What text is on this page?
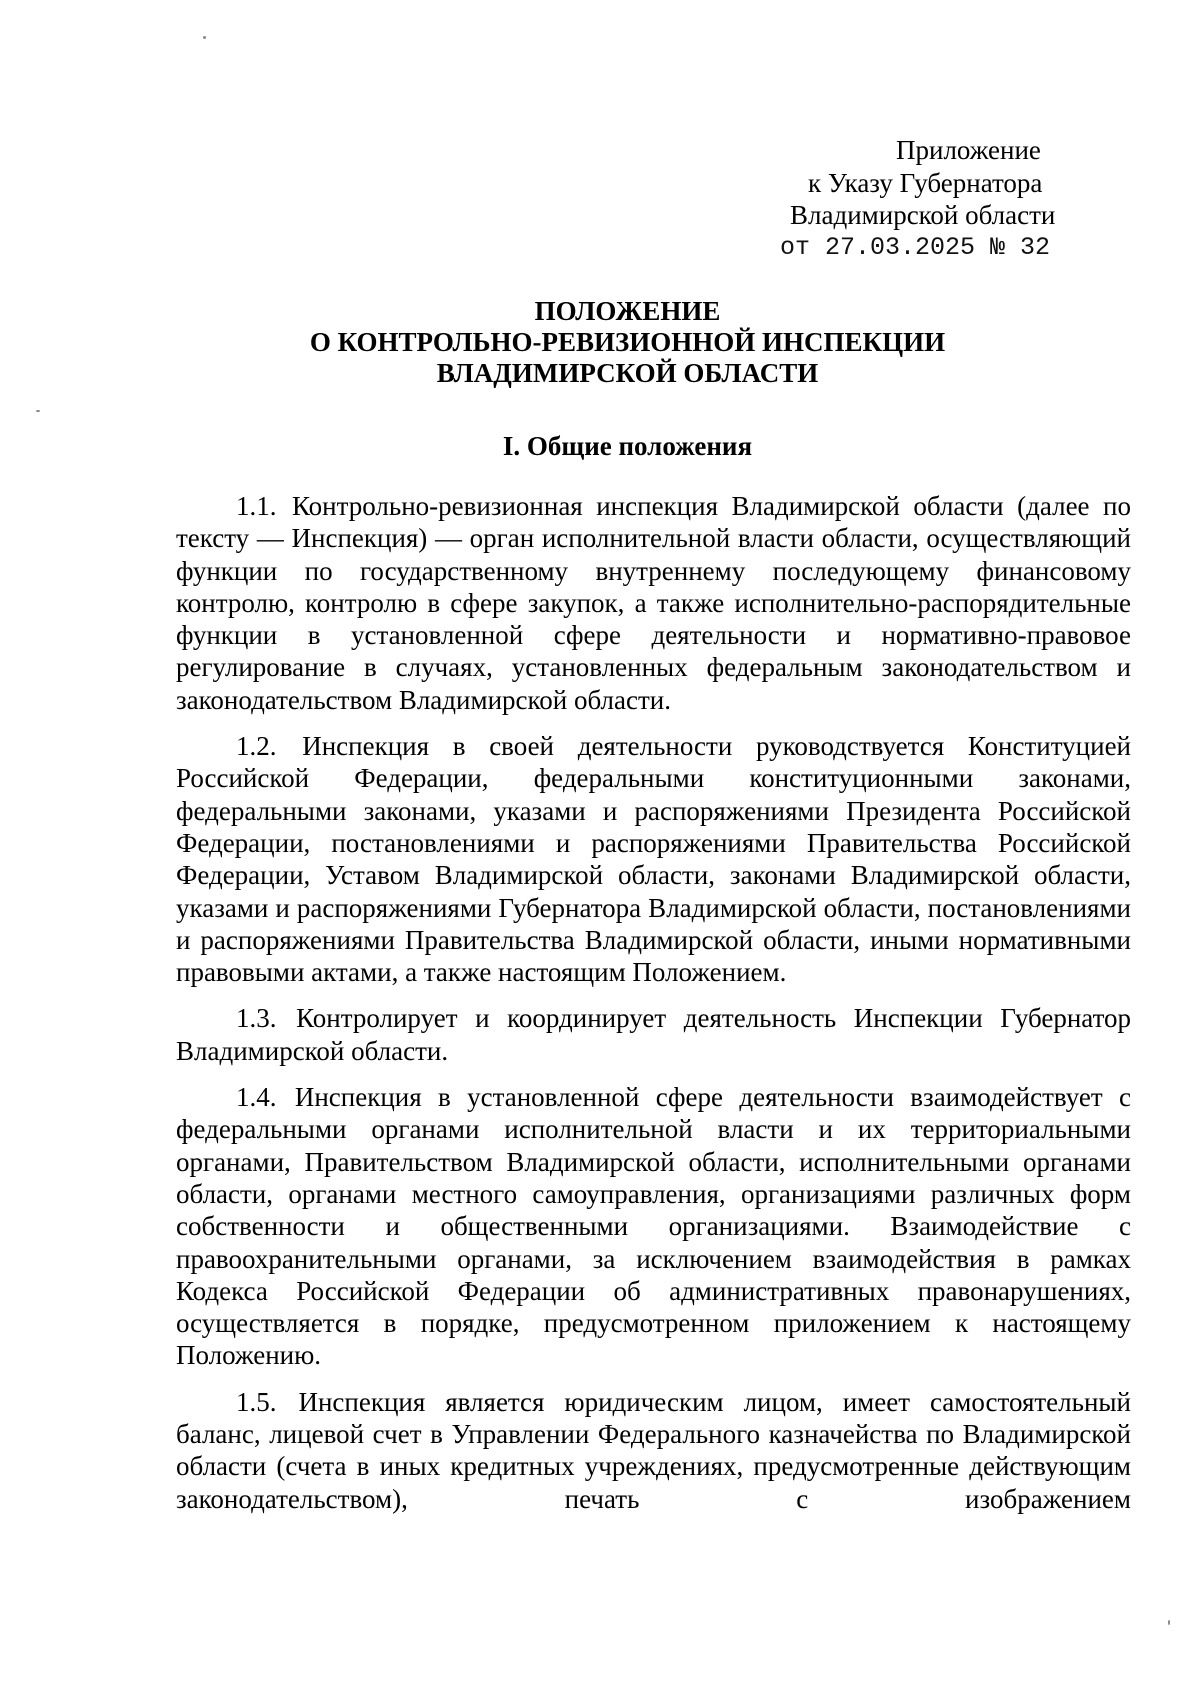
Приложение
к Указу Губернатора
Владимирской области
от 27.03.2025 № 32
ПОЛОЖЕНИЕ
О КОНТРОЛЬНО-РЕВИЗИОННОЙ ИНСПЕКЦИИ
ВЛАДИМИРСКОЙ ОБЛАСТИ
I. Общие положения

1.1. Контрольно-ревизионная инспекция Владимирской области (далее по тексту — Инспекция) — орган исполнительной власти области, осуществляющий функции по государственному внутреннему последующему финансовому контролю, контролю в сфере закупок, а также исполнительно-распорядительные функции в установленной сфере деятельности и нормативно-правовое регулирование в случаях, установленных федеральным законодательством и законодательством Владимирской области.

1.2. Инспекция в своей деятельности руководствуется Конституцией Российской Федерации, федеральными конституционными законами, федеральными законами, указами и распоряжениями Президента Российской Федерации, постановлениями и распоряжениями Правительства Российской Федерации, Уставом Владимирской области, законами Владимирской области, указами и распоряжениями Губернатора Владимирской области, постановлениями и распоряжениями Правительства Владимирской области, иными нормативными правовыми актами, а также настоящим Положением.

1.3. Контролирует и координирует деятельность Инспекции Губернатор Владимирской области.

1.4. Инспекция в установленной сфере деятельности взаимодействует с федеральными органами исполнительной власти и их территориальными органами, Правительством Владимирской области, исполнительными органами области, органами местного самоуправления, организациями различных форм собственности и общественными организациями. Взаимодействие с правоохранительными органами, за исключением взаимодействия в рамках Кодекса Российской Федерации об административных правонарушениях, осуществляется в порядке, предусмотренном приложением к настоящему Положению.

1.5. Инспекция является юридическим лицом, имеет самостоятельный баланс, лицевой счет в Управлении Федерального казначейства по Владимирской области (счета в иных кредитных учреждениях, предусмотренные действующим законодательством), печать с изображением
